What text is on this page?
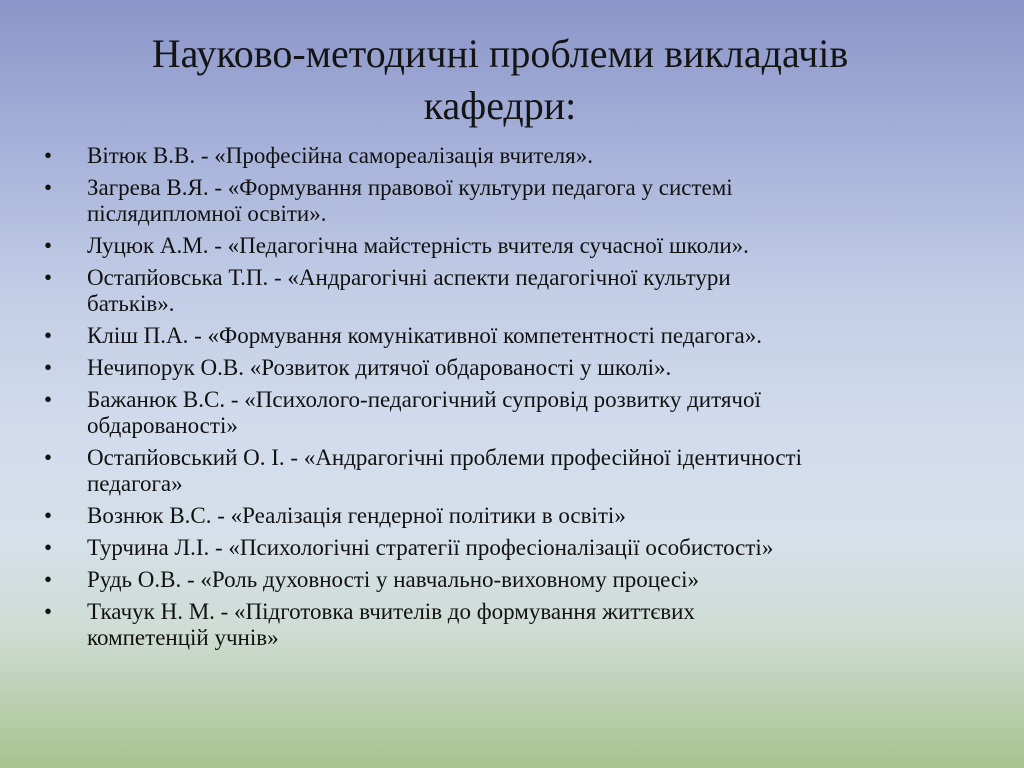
Науково-методичні проблеми викладачів
кафедри:
•	Вітюк В.В. - «Професійна самореалізація вчителя».
•	Загрева В.Я. - «Формування правової культури педагога у системі
післядипломної освіти».
•	Луцюк А.М. - «Педагогічна майстерність вчителя сучасної школи».
•	Остапйовська Т.П. - «Андрагогічні аспекти педагогічної культури
батьків».
•	Кліш П.А. - «Формування комунікативної компетентності педагога».
•	Нечипорук О.В. «Розвиток дитячої обдарованості у школі».
•	Бажанюк В.С. - «Психолого-педагогічний супровід розвитку дитячої
обдарованості»
•	Остапйовський О. І. - «Андрагогічні проблеми професійної ідентичності
педагога»
•	Вознюк В.С. - «Реалізація гендерної політики в освіті»
•	Турчина Л.І. - «Психологічні стратегії професіоналізації особистості»
•	Рудь О.В. - «Роль духовності у навчально-виховному процесі»
•	Ткачук Н. М. - «Підготовка вчителів до формування життєвих
компетенцій учнів»
